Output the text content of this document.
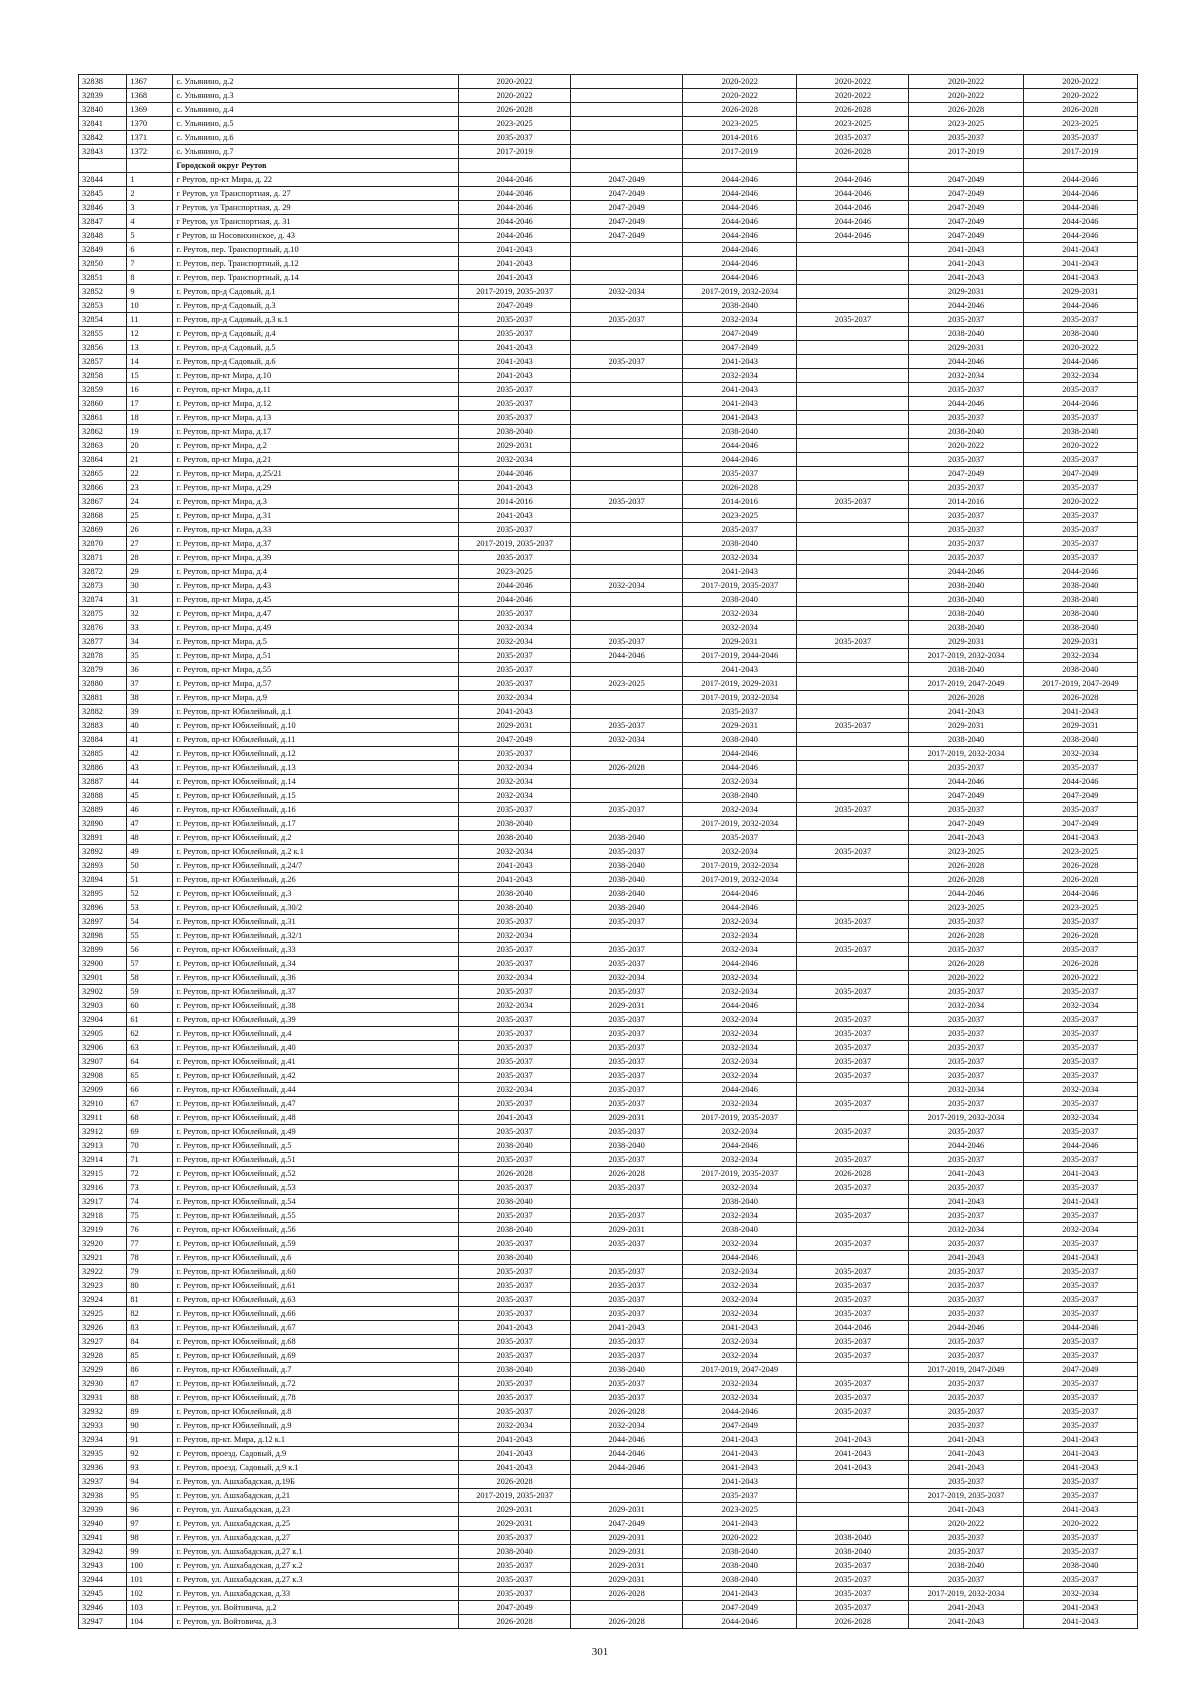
32838	1367	с. Ульянино, д.2	2020-2022		2020-2022	2020-2022	2020-2022	2020-2022
32839	1368	с. Ульянино, д.3	2020-2022		2020-2022	2020-2022	2020-2022	2020-2022
32840	1369	с. Ульянино, д.4	2026-2028		2026-2028	2026-2028	2026-2028	2026-2028
32841	1370	с. Ульянино, д.5	2023-2025		2023-2025	2023-2025	2023-2025	2023-2025
32842	1371	с. Ульянино, д.6	2035-2037		2014-2016	2035-2037	2035-2037	2035-2037
32843	1372	с. Ульянино, д.7	2017-2019		2017-2019	2026-2028	2017-2019	2017-2019
		Городской округ Реутов						
32844	1	г Реутов, пр-кт Мира, д. 22	2044-2046	2047-2049	2044-2046	2044-2046	2047-2049	2044-2046
32845	2	г Реутов, ул Транспортная, д. 27	2044-2046	2047-2049	2044-2046	2044-2046	2047-2049	2044-2046
32846	3	г Реутов, ул Транспортная, д. 29	2044-2046	2047-2049	2044-2046	2044-2046	2047-2049	2044-2046
32847	4	г Реутов, ул Транспортная, д. 31	2044-2046	2047-2049	2044-2046	2044-2046	2047-2049	2044-2046
32848	5	г Реутов, ш Носовихинское, д. 43	2044-2046	2047-2049	2044-2046	2044-2046	2047-2049	2044-2046
32849	6	г. Реутов, пер. Транспортный, д.10	2041-2043		2044-2046		2041-2043	2041-2043
32850	7	г. Реутов, пер. Транспортный, д.12	2041-2043		2044-2046		2041-2043	2041-2043
32851	8	г. Реутов, пер. Транспортный, д.14	2041-2043		2044-2046		2041-2043	2041-2043
32852	9	г. Реутов, пр-д Садовый, д.1	2017-2019, 2035-2037	2032-2034	2017-2019, 2032-2034		2029-2031	2029-2031
32853	10	г. Реутов, пр-д Садовый, д.3	2047-2049		2038-2040		2044-2046	2044-2046
32854	11	г. Реутов, пр-д Садовый, д.3 к.1	2035-2037	2035-2037	2032-2034	2035-2037	2035-2037	2035-2037
32855	12	г. Реутов, пр-д Садовый, д.4	2035-2037		2047-2049		2038-2040	2038-2040
32856	13	г. Реутов, пр-д Садовый, д.5	2041-2043		2047-2049		2029-2031	2020-2022
32857	14	г. Реутов, пр-д Садовый, д.6	2041-2043	2035-2037	2041-2043		2044-2046	2044-2046
32858	15	г. Реутов, пр-кт Мира, д.10	2041-2043		2032-2034		2032-2034	2032-2034
32859	16	г. Реутов, пр-кт Мира, д.11	2035-2037		2041-2043		2035-2037	2035-2037
32860	17	г. Реутов, пр-кт Мира, д.12	2035-2037		2041-2043		2044-2046	2044-2046
32861	18	г. Реутов, пр-кт Мира, д.13	2035-2037		2041-2043		2035-2037	2035-2037
32862	19	г. Реутов, пр-кт Мира, д.17	2038-2040		2038-2040		2038-2040	2038-2040
32863	20	г. Реутов, пр-кт Мира, д.2	2029-2031		2044-2046		2020-2022	2020-2022
32864	21	г. Реутов, пр-кт Мира, д.21	2032-2034		2044-2046		2035-2037	2035-2037
32865	22	г. Реутов, пр-кт Мира, д.25/21	2044-2046		2035-2037		2047-2049	2047-2049
32866	23	г. Реутов, пр-кт Мира, д.29	2041-2043		2026-2028		2035-2037	2035-2037
32867	24	г. Реутов, пр-кт Мира, д.3	2014-2016	2035-2037	2014-2016	2035-2037	2014-2016	2020-2022
32868	25	г. Реутов, пр-кт Мира, д.31	2041-2043		2023-2025		2035-2037	2035-2037
32869	26	г. Реутов, пр-кт Мира, д.33	2035-2037		2035-2037		2035-2037	2035-2037
32870	27	г. Реутов, пр-кт Мира, д.37	2017-2019, 2035-2037		2038-2040		2035-2037	2035-2037
32871	28	г. Реутов, пр-кт Мира, д.39	2035-2037		2032-2034		2035-2037	2035-2037
32872	29	г. Реутов, пр-кт Мира, д.4	2023-2025		2041-2043		2044-2046	2044-2046
32873	30	г. Реутов, пр-кт Мира, д.43	2044-2046	2032-2034	2017-2019, 2035-2037		2038-2040	2038-2040
32874	31	г. Реутов, пр-кт Мира, д.45	2044-2046		2038-2040		2038-2040	2038-2040
32875	32	г. Реутов, пр-кт Мира, д.47	2035-2037		2032-2034		2038-2040	2038-2040
32876	33	г. Реутов, пр-кт Мира, д.49	2032-2034		2032-2034		2038-2040	2038-2040
32877	34	г. Реутов, пр-кт Мира, д.5	2032-2034	2035-2037	2029-2031	2035-2037	2029-2031	2029-2031
32878	35	г. Реутов, пр-кт Мира, д.51	2035-2037	2044-2046	2017-2019, 2044-2046		2017-2019, 2032-2034	2032-2034
32879	36	г. Реутов, пр-кт Мира, д.55	2035-2037		2041-2043		2038-2040	2038-2040
32880	37	г. Реутов, пр-кт Мира, д.57	2035-2037	2023-2025	2017-2019, 2029-2031		2017-2019, 2047-2049	2017-2019, 2047-2049
32881	38	г. Реутов, пр-кт Мира, д.9	2032-2034		2017-2019, 2032-2034		2026-2028	2026-2028
32882	39	г. Реутов, пр-кт Юбилейный, д.1	2041-2043		2035-2037		2041-2043	2041-2043
32883	40	г. Реутов, пр-кт Юбилейный, д.10	2029-2031	2035-2037	2029-2031	2035-2037	2029-2031	2029-2031
32884	41	г. Реутов, пр-кт Юбилейный, д.11	2047-2049	2032-2034	2038-2040		2038-2040	2038-2040
32885	42	г. Реутов, пр-кт Юбилейный, д.12	2035-2037		2044-2046		2017-2019, 2032-2034	2032-2034
32886	43	г. Реутов, пр-кт Юбилейный, д.13	2032-2034	2026-2028	2044-2046		2035-2037	2035-2037
32887	44	г. Реутов, пр-кт Юбилейный, д.14	2032-2034		2032-2034		2044-2046	2044-2046
32888	45	г. Реутов, пр-кт Юбилейный, д.15	2032-2034		2038-2040		2047-2049	2047-2049
32889	46	г. Реутов, пр-кт Юбилейный, д.16	2035-2037	2035-2037	2032-2034	2035-2037	2035-2037	2035-2037
32890	47	г. Реутов, пр-кт Юбилейный, д.17	2038-2040		2017-2019, 2032-2034		2047-2049	2047-2049
32891	48	г. Реутов, пр-кт Юбилейный, д.2	2038-2040	2038-2040	2035-2037		2041-2043	2041-2043
32892	49	г. Реутов, пр-кт Юбилейный, д.2 к.1	2032-2034	2035-2037	2032-2034	2035-2037	2023-2025	2023-2025
32893	50	г. Реутов, пр-кт Юбилейный, д.24/7	2041-2043	2038-2040	2017-2019, 2032-2034		2026-2028	2026-2028
32894	51	г. Реутов, пр-кт Юбилейный, д.26	2041-2043	2038-2040	2017-2019, 2032-2034		2026-2028	2026-2028
32895	52	г. Реутов, пр-кт Юбилейный, д.3	2038-2040	2038-2040	2044-2046		2044-2046	2044-2046
32896	53	г. Реутов, пр-кт Юбилейный, д.30/2	2038-2040	2038-2040	2044-2046		2023-2025	2023-2025
32897	54	г. Реутов, пр-кт Юбилейный, д.31	2035-2037	2035-2037	2032-2034	2035-2037	2035-2037	2035-2037
32898	55	г. Реутов, пр-кт Юбилейный, д.32/1	2032-2034		2032-2034		2026-2028	2026-2028
32899	56	г. Реутов, пр-кт Юбилейный, д.33	2035-2037	2035-2037	2032-2034	2035-2037	2035-2037	2035-2037
32900	57	г. Реутов, пр-кт Юбилейный, д.34	2035-2037	2035-2037	2044-2046		2026-2028	2026-2028
32901	58	г. Реутов, пр-кт Юбилейный, д.36	2032-2034	2032-2034	2032-2034		2020-2022	2020-2022
32902	59	г. Реутов, пр-кт Юбилейный, д.37	2035-2037	2035-2037	2032-2034	2035-2037	2035-2037	2035-2037
32903	60	г. Реутов, пр-кт Юбилейный, д.38	2032-2034	2029-2031	2044-2046		2032-2034	2032-2034
32904	61	г. Реутов, пр-кт Юбилейный, д.39	2035-2037	2035-2037	2032-2034	2035-2037	2035-2037	2035-2037
32905	62	г. Реутов, пр-кт Юбилейный, д.4	2035-2037	2035-2037	2032-2034	2035-2037	2035-2037	2035-2037
32906	63	г. Реутов, пр-кт Юбилейный, д.40	2035-2037	2035-2037	2032-2034	2035-2037	2035-2037	2035-2037
32907	64	г. Реутов, пр-кт Юбилейный, д.41	2035-2037	2035-2037	2032-2034	2035-2037	2035-2037	2035-2037
32908	65	г. Реутов, пр-кт Юбилейный, д.42	2035-2037	2035-2037	2032-2034	2035-2037	2035-2037	2035-2037
32909	66	г. Реутов, пр-кт Юбилейный, д.44	2032-2034	2035-2037	2044-2046		2032-2034	2032-2034
32910	67	г. Реутов, пр-кт Юбилейный, д.47	2035-2037	2035-2037	2032-2034	2035-2037	2035-2037	2035-2037
32911	68	г. Реутов, пр-кт Юбилейный, д.48	2041-2043	2029-2031	2017-2019, 2035-2037		2017-2019, 2032-2034	2032-2034
32912	69	г. Реутов, пр-кт Юбилейный, д.49	2035-2037	2035-2037	2032-2034	2035-2037	2035-2037	2035-2037
32913	70	г. Реутов, пр-кт Юбилейный, д.5	2038-2040	2038-2040	2044-2046		2044-2046	2044-2046
32914	71	г. Реутов, пр-кт Юбилейный, д.51	2035-2037	2035-2037	2032-2034	2035-2037	2035-2037	2035-2037
32915	72	г. Реутов, пр-кт Юбилейный, д.52	2026-2028	2026-2028	2017-2019, 2035-2037	2026-2028	2041-2043	2041-2043
32916	73	г. Реутов, пр-кт Юбилейный, д.53	2035-2037	2035-2037	2032-2034	2035-2037	2035-2037	2035-2037
32917	74	г. Реутов, пр-кт Юбилейный, д.54	2038-2040		2038-2040		2041-2043	2041-2043
32918	75	г. Реутов, пр-кт Юбилейный, д.55	2035-2037	2035-2037	2032-2034	2035-2037	2035-2037	2035-2037
32919	76	г. Реутов, пр-кт Юбилейный, д.56	2038-2040	2029-2031	2038-2040		2032-2034	2032-2034
32920	77	г. Реутов, пр-кт Юбилейный, д.59	2035-2037	2035-2037	2032-2034	2035-2037	2035-2037	2035-2037
32921	78	г. Реутов, пр-кт Юбилейный, д.6	2038-2040		2044-2046		2041-2043	2041-2043
32922	79	г. Реутов, пр-кт Юбилейный, д.60	2035-2037	2035-2037	2032-2034	2035-2037	2035-2037	2035-2037
32923	80	г. Реутов, пр-кт Юбилейный, д.61	2035-2037	2035-2037	2032-2034	2035-2037	2035-2037	2035-2037
32924	81	г. Реутов, пр-кт Юбилейный, д.63	2035-2037	2035-2037	2032-2034	2035-2037	2035-2037	2035-2037
32925	82	г. Реутов, пр-кт Юбилейный, д.66	2035-2037	2035-2037	2032-2034	2035-2037	2035-2037	2035-2037
32926	83	г. Реутов, пр-кт Юбилейный, д.67	2041-2043	2041-2043	2041-2043	2044-2046	2044-2046	2044-2046
32927	84	г. Реутов, пр-кт Юбилейный, д.68	2035-2037	2035-2037	2032-2034	2035-2037	2035-2037	2035-2037
32928	85	г. Реутов, пр-кт Юбилейный, д.69	2035-2037	2035-2037	2032-2034	2035-2037	2035-2037	2035-2037
32929	86	г. Реутов, пр-кт Юбилейный, д.7	2038-2040	2038-2040	2017-2019, 2047-2049		2017-2019, 2047-2049	2047-2049
32930	87	г. Реутов, пр-кт Юбилейный, д.72	2035-2037	2035-2037	2032-2034	2035-2037	2035-2037	2035-2037
32931	88	г. Реутов, пр-кт Юбилейный, д.78	2035-2037	2035-2037	2032-2034	2035-2037	2035-2037	2035-2037
32932	89	г. Реутов, пр-кт Юбилейный, д.8	2035-2037	2026-2028	2044-2046	2035-2037	2035-2037	2035-2037
32933	90	г. Реутов, пр-кт Юбилейный, д.9	2032-2034	2032-2034	2047-2049		2035-2037	2035-2037
32934	91	г. Реутов, пр-кт. Мира, д.12 к.1	2041-2043	2044-2046	2041-2043	2041-2043	2041-2043	2041-2043
32935	92	г. Реутов, проезд. Садовый, д.9	2041-2043	2044-2046	2041-2043	2041-2043	2041-2043	2041-2043
32936	93	г. Реутов, проезд. Садовый, д.9 к.1	2041-2043	2044-2046	2041-2043	2041-2043	2041-2043	2041-2043
32937	94	г. Реутов, ул. Ашхабадская, д.19Б	2026-2028		2041-2043		2035-2037	2035-2037
32938	95	г. Реутов, ул. Ашхабадская, д.21	2017-2019, 2035-2037		2035-2037		2017-2019, 2035-2037	2035-2037
32939	96	г. Реутов, ул. Ашхабадская, д.23	2029-2031	2029-2031	2023-2025		2041-2043	2041-2043
32940	97	г. Реутов, ул. Ашхабадская, д.25	2029-2031	2047-2049	2041-2043		2020-2022	2020-2022
32941	98	г. Реутов, ул. Ашхабадская, д.27	2035-2037	2029-2031	2020-2022	2038-2040	2035-2037	2035-2037
32942	99	г. Реутов, ул. Ашхабадская, д.27 к.1	2038-2040	2029-2031	2038-2040	2038-2040	2035-2037	2035-2037
32943	100	г. Реутов, ул. Ашхабадская, д.27 к.2	2035-2037	2029-2031	2038-2040	2035-2037	2038-2040	2038-2040
32944	101	г. Реутов, ул. Ашхабадская, д.27 к.3	2035-2037	2029-2031	2038-2040	2035-2037	2035-2037	2035-2037
32945	102	г. Реутов, ул. Ашхабадская, д.33	2035-2037	2026-2028	2041-2043	2035-2037	2017-2019, 2032-2034	2032-2034
32946	103	г. Реутов, ул. Войтовича, д.2	2047-2049		2047-2049	2035-2037	2041-2043	2041-2043
32947	104	г. Реутов, ул. Войтовича, д.3	2026-2028	2026-2028	2044-2046	2026-2028	2041-2043	2041-2043
301
